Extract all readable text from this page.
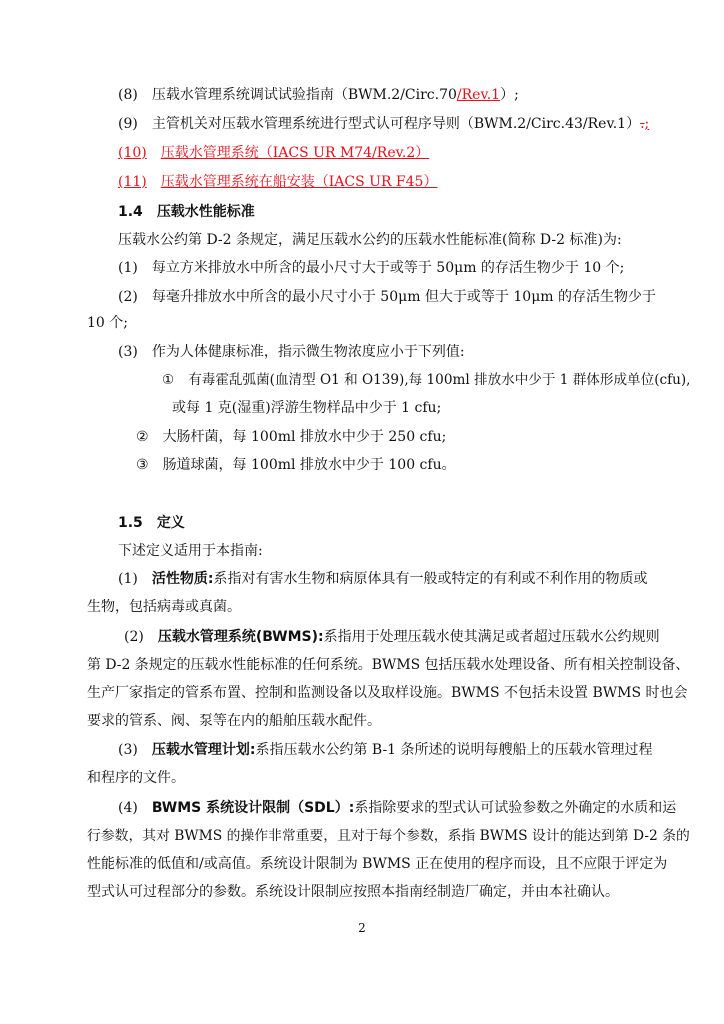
(8) 压载水管理系统调试试验指南（BWM.2/Circ.70/Rev.1）;
(9) 主管机关对压载水管理系统进行型式认可程序导则（BWM.2/Circ.43/Rev.1）.;
(10) 压载水管理系统（IACS UR M74/Rev.2）
(11) 压载水管理系统在船安装（IACS UR F45）
1.4 压载水性能标准
压载水公约第 D-2 条规定，满足压载水公约的压载水性能标准(简称 D-2 标准)为:
(1) 每立方米排放水中所含的最小尺寸大于或等于 50μm 的存活生物少于 10 个;
(2) 每毫升排放水中所含的最小尺寸小于 50μm 但大于或等于 10μm 的存活生物少于
10 个;
(3) 作为人体健康标准，指示微生物浓度应小于下列值:
① 有毒霍乱弧菌(血清型 O1 和 O139),每 100ml 排放水中少于 1 群体形成单位(cfu),
或每 1 克(湿重)浮游生物样品中少于 1 cfu;
② 大肠杆菌，每 100ml 排放水中少于 250 cfu;
③ 肠道球菌，每 100ml 排放水中少于 100 cfu。
1.5 定义
下述定义适用于本指南:
(1) 活性物质:系指对有害水生物和病原体具有一般或特定的有利或不利作用的物质或
生物，包括病毒或真菌。
(2) 压载水管理系统(BWMS):系指用于处理压载水使其满足或者超过压载水公约规则
第 D-2 条规定的压载水性能标准的任何系统。BWMS 包括压载水处理设备、所有相关控制设备、
生产厂家指定的管系布置、控制和监测设备以及取样设施。BWMS 不包括未设置 BWMS 时也会
要求的管系、阀、泵等在内的船舶压载水配件。
(3) 压载水管理计划:系指压载水公约第 B-1 条所述的说明每艘船上的压载水管理过程
和程序的文件。
(4) BWMS 系统设计限制（SDL）:系指除要求的型式认可试验参数之外确定的水质和运
行参数，其对 BWMS 的操作非常重要，且对于每个参数，系指 BWMS 设计的能达到第 D-2 条的
性能标准的低值和/或高值。系统设计限制为 BWMS 正在使用的程序而设，且不应限于评定为
型式认可过程部分的参数。系统设计限制应按照本指南经制造厂确定，并由本社确认。
2
